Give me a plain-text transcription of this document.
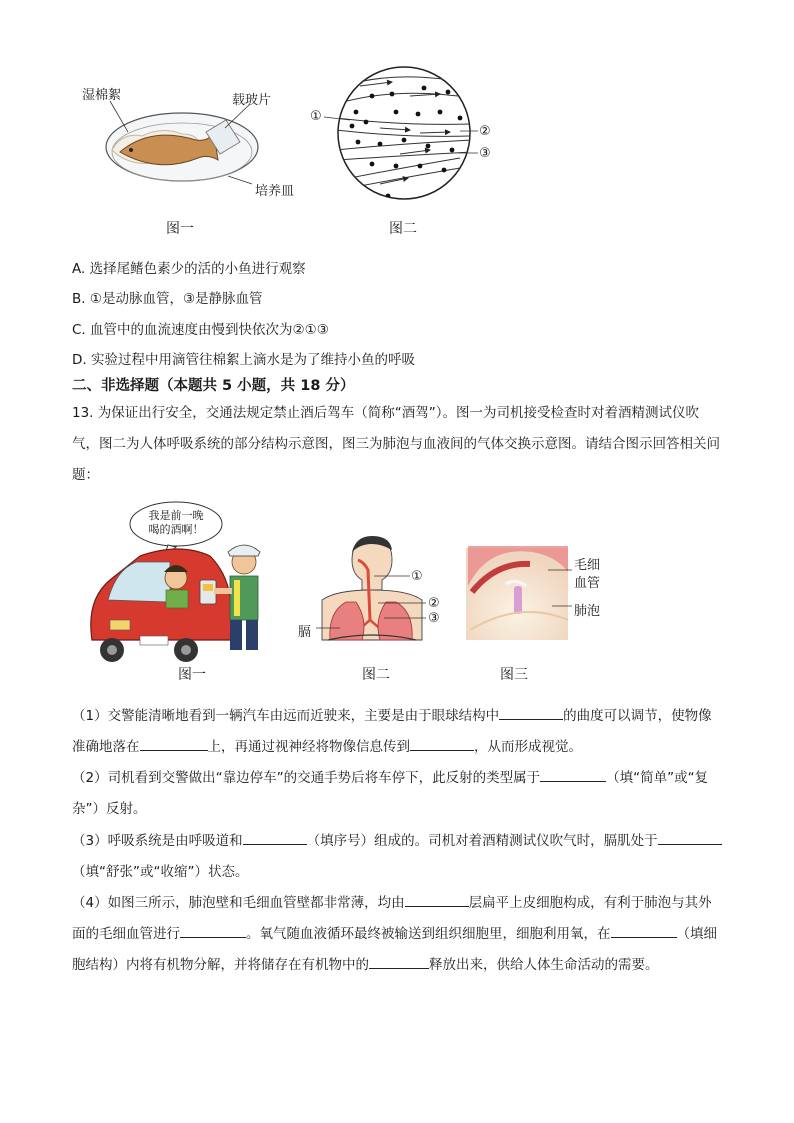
湿棉絮	载玻片
培养皿
图一
①
②
③
图二
A. 选择尾鳍色素少的活的小鱼进行观察
B. ①是动脉血管，③是静脉血管
C. 血管中的血流速度由慢到快依次为②①③
D. 实验过程中用滴管往棉絮上滴水是为了维持小鱼的呼吸
二、非选择题（本题共 5 小题，共 18 分）
13. 为保证出行安全，交通法规定禁止酒后驾车（简称“酒驾”）。图一为司机接受检查时对着酒精测试仪吹气，图二为人体呼吸系统的部分结构示意图，图三为肺泡与血液间的气体交换示意图。请结合图示回答相关问题：
我是前一晚
喝的酒啊！
图一
①
②
③
膈
图二
毛细
血管
肺泡
图三
（1）交警能清晰地看到一辆汽车由远而近驶来，主要是由于眼球结构中	的曲度可以调节，使物像准确地落在	上，再通过视神经将物像信息传到	，从而形成视觉。
（2）司机看到交警做出“靠边停车”的交通手势后将车停下，此反射的类型属于	（填“简单”或“复杂”）反射。
（3）呼吸系统是由呼吸道和	（填序号）组成的。司机对着酒精测试仪吹气时，膈肌处于（填“舒张”或“收缩”）状态。
（4）如图三所示，肺泡壁和毛细血管壁都非常薄，均由	层扁平上皮细胞构成，有利于肺泡与其外面的毛细血管进行	。氧气随血液循环最终被输送到组织细胞里，细胞利用氧，在	（填细胞结构）内将有机物分解，并将储存在有机物中的	释放出来，供给人体生命活动的需要。
